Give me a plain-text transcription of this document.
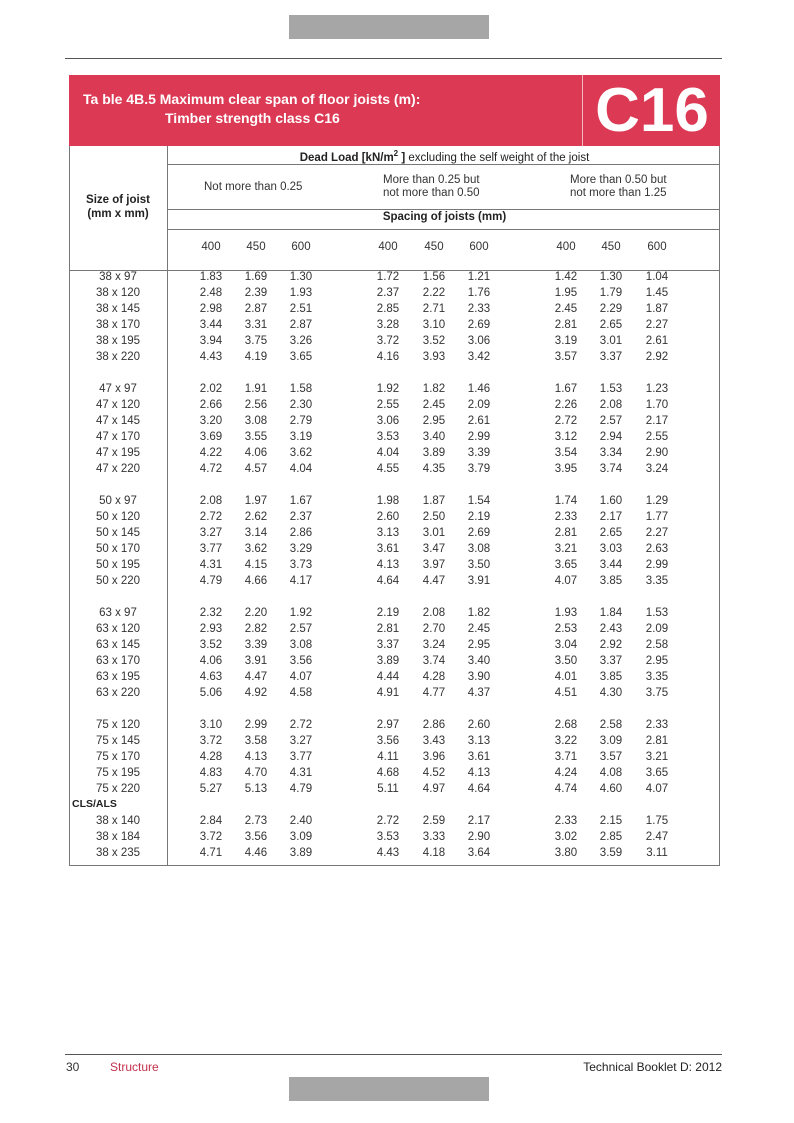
Ta ble 4B.5 Maximum clear span of floor joists (m):
Timber strength class C16	C16
Size of joist
(mm x mm)
Dead Load [$kN/m^2$ ] excluding the self weight of the joist
Not more than 0.25
More than 0.25 but
not more than 0.50
More than 0.50 but
not more than 1.25
Spacing of joists (mm)
400	450	600	400	450	600	400	450	600
38 x 97	1.83	1.69	1.30	1.72	1.56	1.21	1.42	1.30	1.04
38 x 120	2.48	2.39	1.93	2.37	2.22	1.76	1.95	1.79	1.45
38 x 145	2.98	2.87	2.51	2.85	2.71	2.33	2.45	2.29	1.87
38 x 170	3.44	3.31	2.87	3.28	3.10	2.69	2.81	2.65	2.27
38 x 195	3.94	3.75	3.26	3.72	3.52	3.06	3.19	3.01	2.61
38 x 220	4.43	4.19	3.65	4.16	3.93	3.42	3.57	3.37	2.92
47 x 97	2.02	1.91	1.58	1.92	1.82	1.46	1.67	1.53	1.23
47 x 120	2.66	2.56	2.30	2.55	2.45	2.09	2.26	2.08	1.70
47 x 145	3.20	3.08	2.79	3.06	2.95	2.61	2.72	2.57	2.17
47 x 170	3.69	3.55	3.19	3.53	3.40	2.99	3.12	2.94	2.55
47 x 195	4.22	4.06	3.62	4.04	3.89	3.39	3.54	3.34	2.90
47 x 220	4.72	4.57	4.04	4.55	4.35	3.79	3.95	3.74	3.24
50 x 97	2.08	1.97	1.67	1.98	1.87	1.54	1.74	1.60	1.29
50 x 120	2.72	2.62	2.37	2.60	2.50	2.19	2.33	2.17	1.77
50 x 145	3.27	3.14	2.86	3.13	3.01	2.69	2.81	2.65	2.27
50 x 170	3.77	3.62	3.29	3.61	3.47	3.08	3.21	3.03	2.63
50 x 195	4.31	4.15	3.73	4.13	3.97	3.50	3.65	3.44	2.99
50 x 220	4.79	4.66	4.17	4.64	4.47	3.91	4.07	3.85	3.35
63 x 97	2.32	2.20	1.92	2.19	2.08	1.82	1.93	1.84	1.53
63 x 120	2.93	2.82	2.57	2.81	2.70	2.45	2.53	2.43	2.09
63 x 145	3.52	3.39	3.08	3.37	3.24	2.95	3.04	2.92	2.58
63 x 170	4.06	3.91	3.56	3.89	3.74	3.40	3.50	3.37	2.95
63 x 195	4.63	4.47	4.07	4.44	4.28	3.90	4.01	3.85	3.35
63 x 220	5.06	4.92	4.58	4.91	4.77	4.37	4.51	4.30	3.75
75 x 120	3.10	2.99	2.72	2.97	2.86	2.60	2.68	2.58	2.33
75 x 145	3.72	3.58	3.27	3.56	3.43	3.13	3.22	3.09	2.81
75 x 170	4.28	4.13	3.77	4.11	3.96	3.61	3.71	3.57	3.21
75 x 195	4.83	4.70	4.31	4.68	4.52	4.13	4.24	4.08	3.65
75 x 220	5.27	5.13	4.79	5.11	4.97	4.64	4.74	4.60	4.07
CLS/ALS
38 x 140	2.84	2.73	2.40	2.72	2.59	2.17	2.33	2.15	1.75
38 x 184	3.72	3.56	3.09	3.53	3.33	2.90	3.02	2.85	2.47
38 x 235	4.71	4.46	3.89	4.43	4.18	3.64	3.80	3.59	3.11
30	Structure	Technical Booklet D: 2012
